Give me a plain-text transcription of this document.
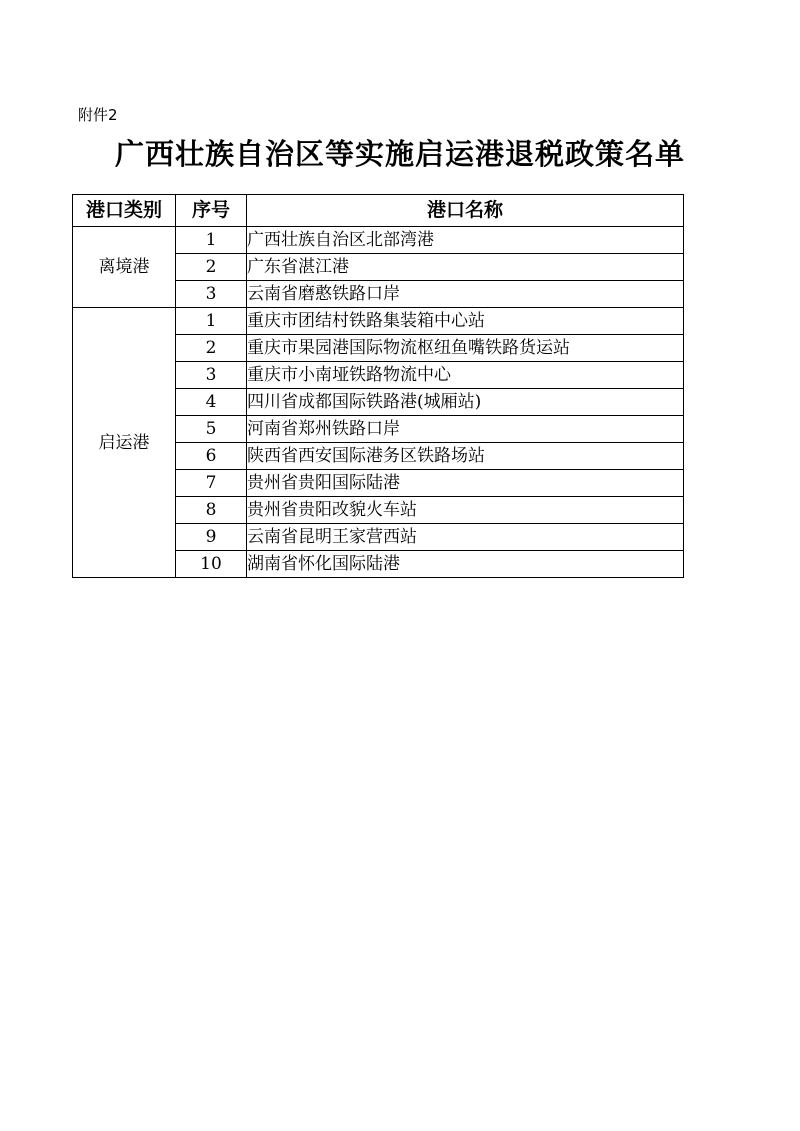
附件2
广西壮族自治区等实施启运港退税政策名单
港口类别	序号	港口名称
离境港	1	广西壮族自治区北部湾港
	2	广东省湛江港
	3	云南省磨憨铁路口岸
启运港	1	重庆市团结村铁路集装箱中心站
	2	重庆市果园港国际物流枢纽鱼嘴铁路货运站
	3	重庆市小南垭铁路物流中心
	4	四川省成都国际铁路港(城厢站)
	5	河南省郑州铁路口岸
	6	陕西省西安国际港务区铁路场站
	7	贵州省贵阳国际陆港
	8	贵州省贵阳改貌火车站
	9	云南省昆明王家营西站
	10	湖南省怀化国际陆港
